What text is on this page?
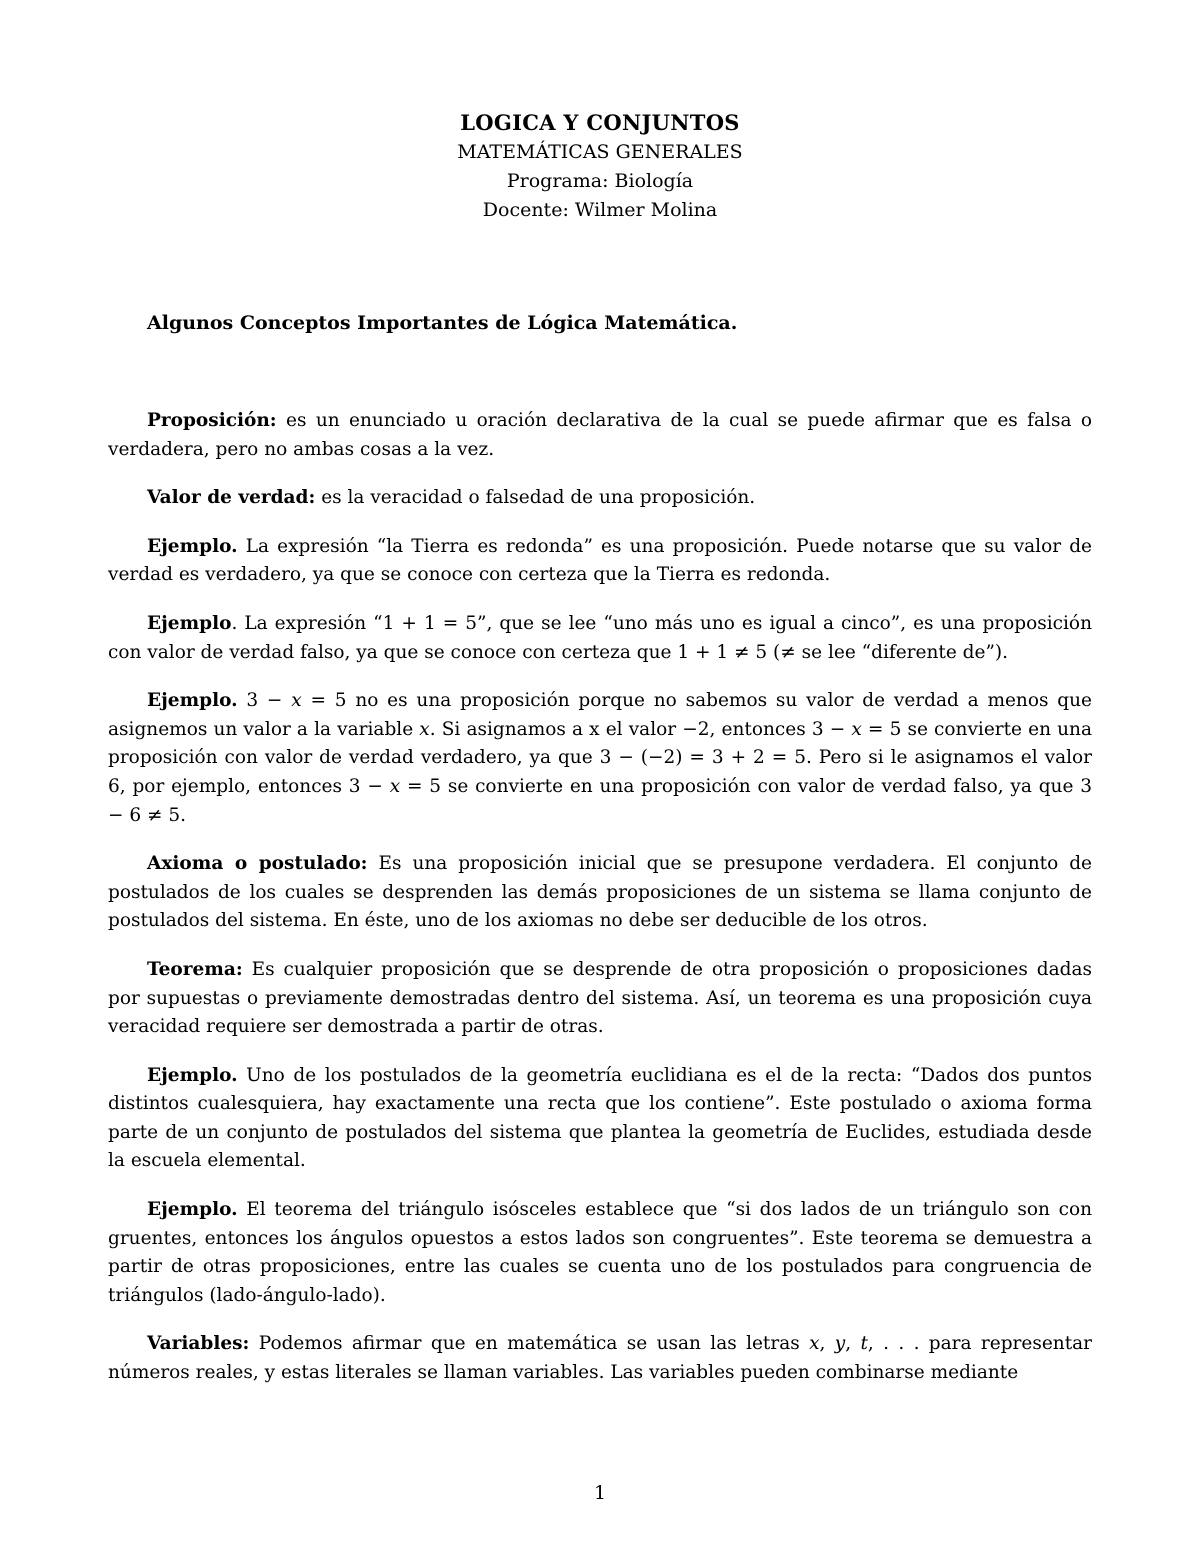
LOGICA Y CONJUNTOS
MATEMÁTICAS GENERALES
Programa: Biología
Docente: Wilmer Molina
Algunos Conceptos Importantes de Lógica Matemática.

Proposición: es un enunciado u oración declarativa de la cual se puede afirmar que es falsa o verdadera, pero no ambas cosas a la vez.

Valor de verdad: es la veracidad o falsedad de una proposición.

Ejemplo. La expresión “la Tierra es redonda” es una proposición. Puede notarse que su valor de verdad es verdadero, ya que se conoce con certeza que la Tierra es redonda.

Ejemplo. La expresión “1 + 1 = 5”, que se lee “uno más uno es igual a cinco”, es una proposición con valor de verdad falso, ya que se conoce con certeza que 1 + 1 ≠ 5 (≠ se lee “diferente de”).

Ejemplo. 3 − 𝑥 = 5 no es una proposición porque no sabemos su valor de verdad a menos que asignemos un valor a la variable 𝑥. Si asignamos a x el valor −2, entonces 3 − 𝑥 = 5 se convierte en una proposición con valor de verdad verdadero, ya que 3 − (−2) = 3 + 2 = 5. Pero si le asignamos el valor 6, por ejemplo, entonces 3 − 𝑥 = 5 se convierte en una proposición con valor de verdad falso, ya que 3 − 6 ≠ 5.

Axioma o postulado: Es una proposición inicial que se presupone verdadera. El conjunto de postulados de los cuales se desprenden las demás proposiciones de un sistema se llama conjunto de postulados del sistema. En éste, uno de los axiomas no debe ser deducible de los otros.

Teorema: Es cualquier proposición que se desprende de otra proposición o proposiciones dadas por supuestas o previamente demostradas dentro del sistema. Así, un teorema es una proposición cuya veracidad requiere ser demostrada a partir de otras.

Ejemplo. Uno de los postulados de la geometría euclidiana es el de la recta: “Dados dos puntos distintos cualesquiera, hay exactamente una recta que los contiene”. Este postulado o axioma forma parte de un conjunto de postulados del sistema que plantea la geometría de Euclides, estudiada desde la escuela elemental.

Ejemplo. El teorema del triángulo isósceles establece que “si dos lados de un triángulo son con gruentes, entonces los ángulos opuestos a estos lados son congruentes”. Este teorema se demuestra a partir de otras proposiciones, entre las cuales se cuenta uno de los postulados para congruencia de triángulos (lado-ángulo-lado).

Variables: Podemos afirmar que en matemática se usan las letras 𝑥, 𝑦, 𝑡, . . . para representar números reales, y estas literales se llaman variables. Las variables pueden combinarse mediante

1
